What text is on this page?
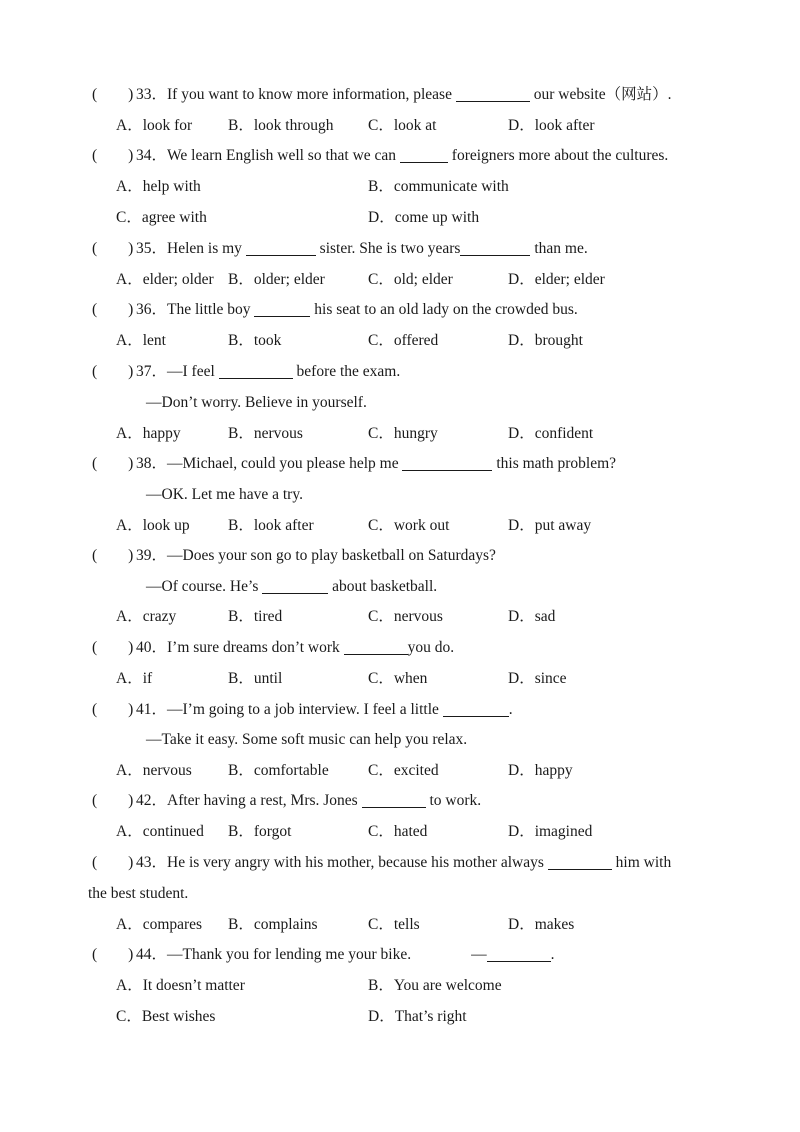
(　　) 33．If you want to know more information, please	our website（网站）.
A．look for B．look through C．look at	D．look after
(　　) 34．We learn English well so that we can	foreigners more about the cultures.
A．help with	B．communicate with
C．agree with	D．come up with
(　　) 35．Helen is my	sister. She is two years	than me.
A．elder; older B．older; elder	C．old; elder	D．elder; elder
(　　) 36．The little boy	his seat to an old lady on the crowded bus.
A．lent	B．took	C．offered	D．brought
(　　) 37．—I feel	before the exam.
—Don’t worry. Believe in yourself.
A．happy	B．nervous	C．hungry	D．confident
(　　) 38．—Michael, could you please help me	this math problem?
—OK. Let me have a try.
A．look up B．look after	C．work out	D．put away
(　　) 39．—Does your son go to play basketball on Saturdays?
—Of course. He’s	about basketball.
A．crazy	B．tired	C．nervous	D．sad
(　　) 40．I’m sure dreams don’t work	you do.
A．if	B．until	C．when	D．since
(　　) 41．—I’m going to a job interview. I feel a little	.
—Take it easy. Some soft music can help you relax.
A．nervous B．comfortable	C．excited	D．happy
(　　) 42．After having a rest, Mrs. Jones	to work.
A．continued B．forgot	C．hated	D．imagined
(　　) 43．He is very angry with his mother, because his mother always	him with
the best student.
A．compares B．complains	C．tells	D．makes
(　　) 44．—Thank you for lending me your bike.	—	.
A．It doesn’t matter	B．You are welcome
C．Best wishes	D．That’s right
